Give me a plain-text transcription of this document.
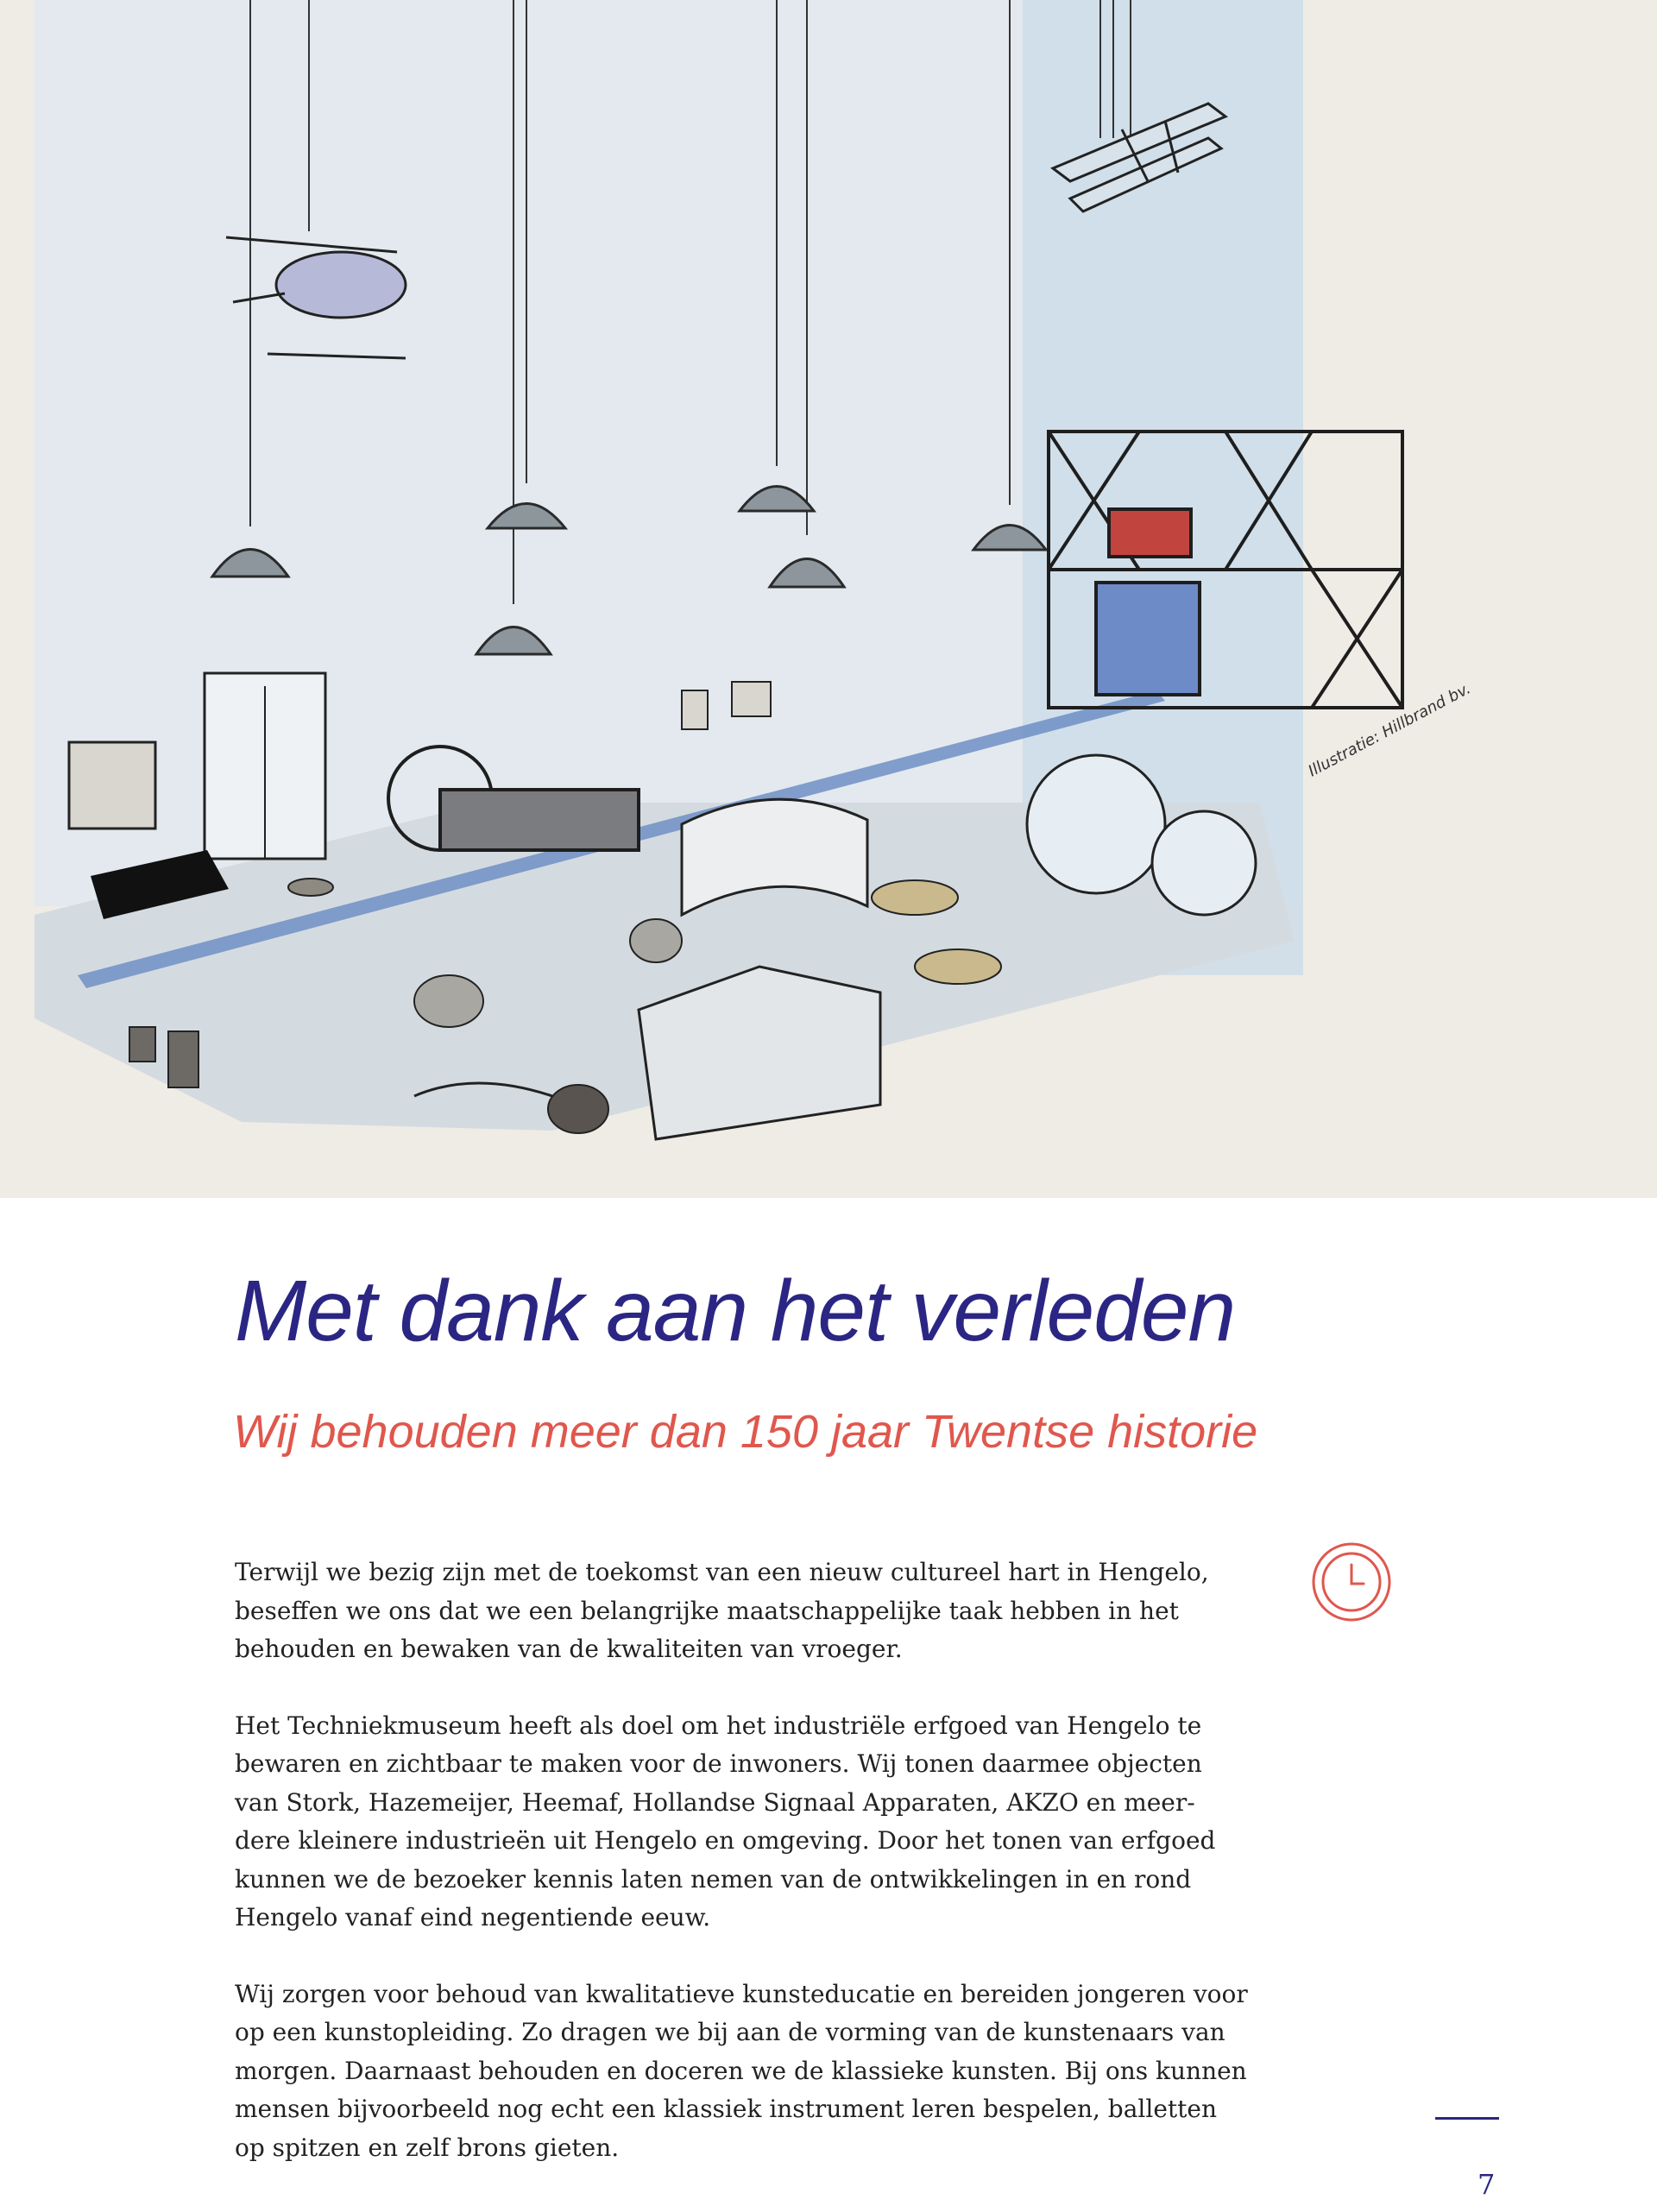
Illustratie: Hillbrand bv.
Met dank aan het verleden
Wij behouden meer dan 150 jaar Twentse historie

Terwijl we bezig zijn met de toekomst van een nieuw cultureel hart in Hengelo,
beseffen we ons dat we een belangrijke maatschappelijke taak hebben in het
behouden en bewaken van de kwaliteiten van vroeger.

Het Techniekmuseum heeft als doel om het industriële erfgoed van Hengelo te
bewaren en zichtbaar te maken voor de inwoners. Wij tonen daarmee objecten
van Stork, Hazemeijer, Heemaf, Hollandse Signaal Apparaten, AKZO en meer-
dere kleinere industrieën uit Hengelo en omgeving. Door het tonen van erfgoed
kunnen we de bezoeker kennis laten nemen van de ontwikkelingen in en rond
Hengelo vanaf eind negentiende eeuw.

Wij zorgen voor behoud van kwalitatieve kunsteducatie en bereiden jongeren voor
op een kunstopleiding. Zo dragen we bij aan de vorming van de kunstenaars van
morgen. Daarnaast behouden en doceren we de klassieke kunsten. Bij ons kunnen
mensen bijvoorbeeld nog echt een klassiek instrument leren bespelen, balletten
op spitzen en zelf brons gieten.

7
